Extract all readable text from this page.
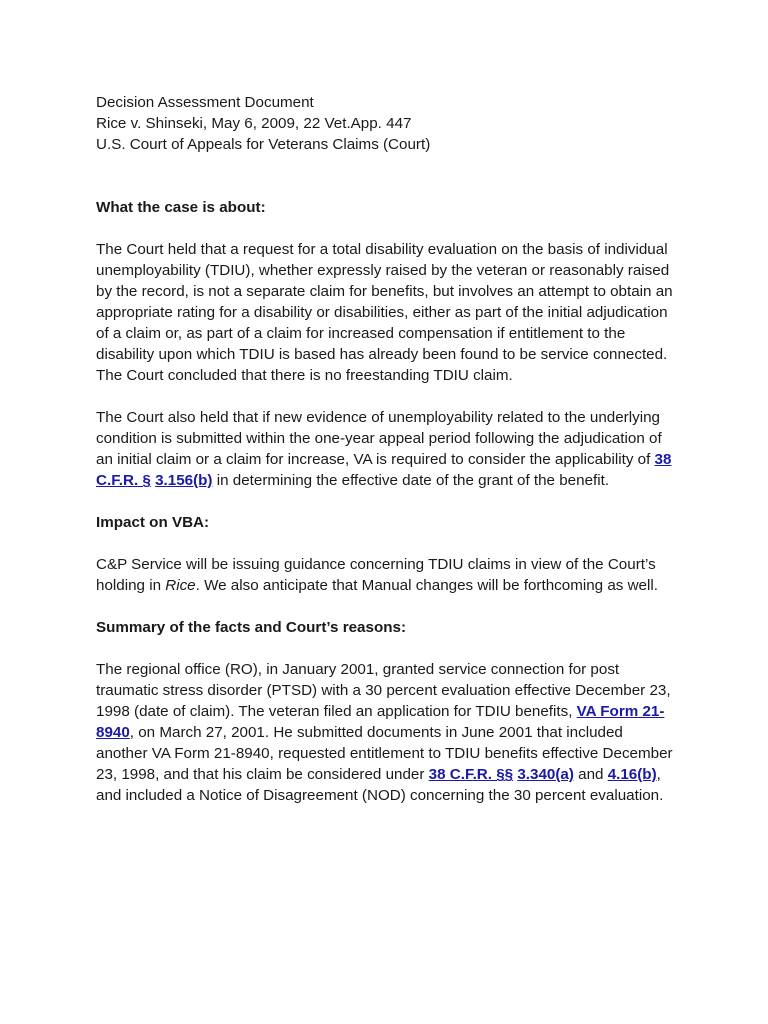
Decision Assessment Document
Rice v. Shinseki, May 6, 2009, 22 Vet.App. 447
U.S. Court of Appeals for Veterans Claims (Court)
What the case is about:
The Court held that a request for a total disability evaluation on the basis of individual unemployability (TDIU), whether expressly raised by the veteran or reasonably raised by the record, is not a separate claim for benefits, but involves an attempt to obtain an appropriate rating for a disability or disabilities, either as part of the initial adjudication of a claim or, as part of a claim for increased compensation if entitlement to the disability upon which TDIU is based has already been found to be service connected. The Court concluded that there is no freestanding TDIU claim.
The Court also held that if new evidence of unemployability related to the underlying condition is submitted within the one-year appeal period following the adjudication of an initial claim or a claim for increase, VA is required to consider the applicability of 38 C.F.R. § 3.156(b) in determining the effective date of the grant of the benefit.
Impact on VBA:
C&P Service will be issuing guidance concerning TDIU claims in view of the Court’s holding in Rice. We also anticipate that Manual changes will be forthcoming as well.
Summary of the facts and Court’s reasons:
The regional office (RO), in January 2001, granted service connection for post traumatic stress disorder (PTSD) with a 30 percent evaluation effective December 23, 1998 (date of claim). The veteran filed an application for TDIU benefits, VA Form 21-8940, on March 27, 2001. He submitted documents in June 2001 that included another VA Form 21-8940, requested entitlement to TDIU benefits effective December 23, 1998, and that his claim be considered under 38 C.F.R. §§ 3.340(a) and 4.16(b), and included a Notice of Disagreement (NOD) concerning the 30 percent evaluation.
